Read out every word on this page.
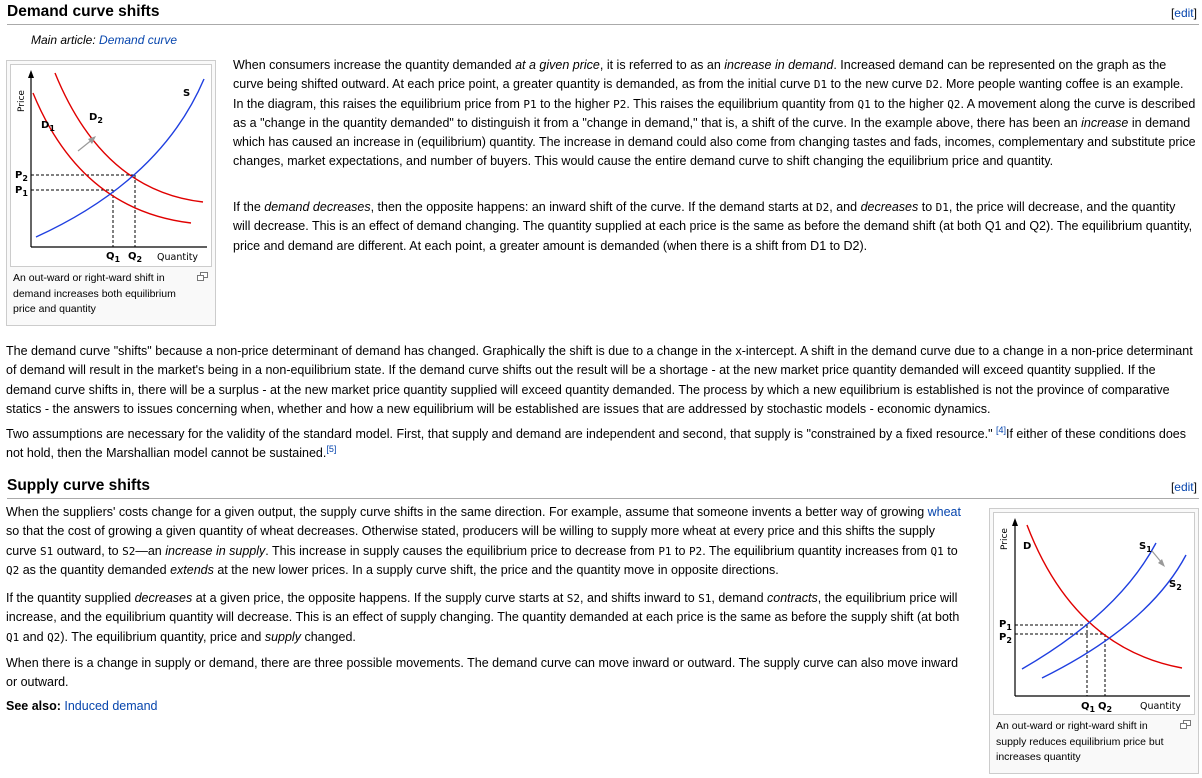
Demand curve shifts	[edit]
Main article: Demand curve
Price	S
$D_1$
$D_2$
$P_2$
$P_1$
$Q_1$ $Q_2$ Quantity
An out-ward or right-ward shift in demand increases both equilibrium price and quantity

When consumers increase the quantity demanded at a given price, it is referred to as an increase in demand. Increased demand can be represented on the graph as the curve being shifted outward. At each price point, a greater quantity is demanded, as from the initial curve D1 to the new curve D2. More people wanting coffee is an example. In the diagram, this raises the equilibrium price from P1 to the higher P2. This raises the equilibrium quantity from Q1 to the higher Q2. A movement along the curve is described as a "change in the quantity demanded" to distinguish it from a "change in demand," that is, a shift of the curve. In the example above, there has been an increase in demand which has caused an increase in (equilibrium) quantity. The increase in demand could also come from changing tastes and fads, incomes, complementary and substitute price changes, market expectations, and number of buyers. This would cause the entire demand curve to shift changing the equilibrium price and quantity.

If the demand decreases, then the opposite happens: an inward shift of the curve. If the demand starts at D2, and decreases to D1, the price will decrease, and the quantity will decrease. This is an effect of demand changing. The quantity supplied at each price is the same as before the demand shift (at both Q1 and Q2). The equilibrium quantity, price and demand are different. At each point, a greater amount is demanded (when there is a shift from D1 to D2).

The demand curve "shifts" because a non-price determinant of demand has changed. Graphically the shift is due to a change in the x-intercept. A shift in the demand curve due to a change in a non-price determinant of demand will result in the market's being in a non-equilibrium state. If the demand curve shifts out the result will be a shortage - at the new market price quantity demanded will exceed quantity supplied. If the demand curve shifts in, there will be a surplus - at the new market price quantity supplied will exceed quantity demanded. The process by which a new equilibrium is established is not the province of comparative statics - the answers to issues concerning when, whether and how a new equilibrium will be established are issues that are addressed by stochastic models - economic dynamics.

Two assumptions are necessary for the validity of the standard model. First, that supply and demand are independent and second, that supply is "constrained by a fixed resource." [4]If either of these conditions does not hold, then the Marshallian model cannot be sustained.[5]

Supply curve shifts	[edit]

When the suppliers' costs change for a given output, the supply curve shifts in the same direction. For example, assume that someone invents a better way of growing wheat so that the cost of growing a given quantity of wheat decreases. Otherwise stated, producers will be willing to supply more wheat at every price and this shifts the supply curve S1 outward, to S2—an increase in supply. This increase in supply causes the equilibrium price to decrease from P1 to P2. The equilibrium quantity increases from Q1 to Q2 as the quantity demanded extends at the new lower prices. In a supply curve shift, the price and the quantity move in opposite directions.

If the quantity supplied decreases at a given price, the opposite happens. If the supply curve starts at S2, and shifts inward to S1, demand contracts, the equilibrium price will increase, and the equilibrium quantity will decrease. This is an effect of supply changing. The quantity demanded at each price is the same as before the supply shift (at both Q1 and Q2). The equilibrium quantity, price and supply changed.

When there is a change in supply or demand, there are three possible movements. The demand curve can move inward or outward. The supply curve can also move inward or outward.

See also: Induced demand
Price D	$S_1$
$S_2$
$P_1$
$P_2$
$Q_1$ $Q_2$	Quantity
An out-ward or right-ward shift in supply reduces equilibrium price but increases quantity
